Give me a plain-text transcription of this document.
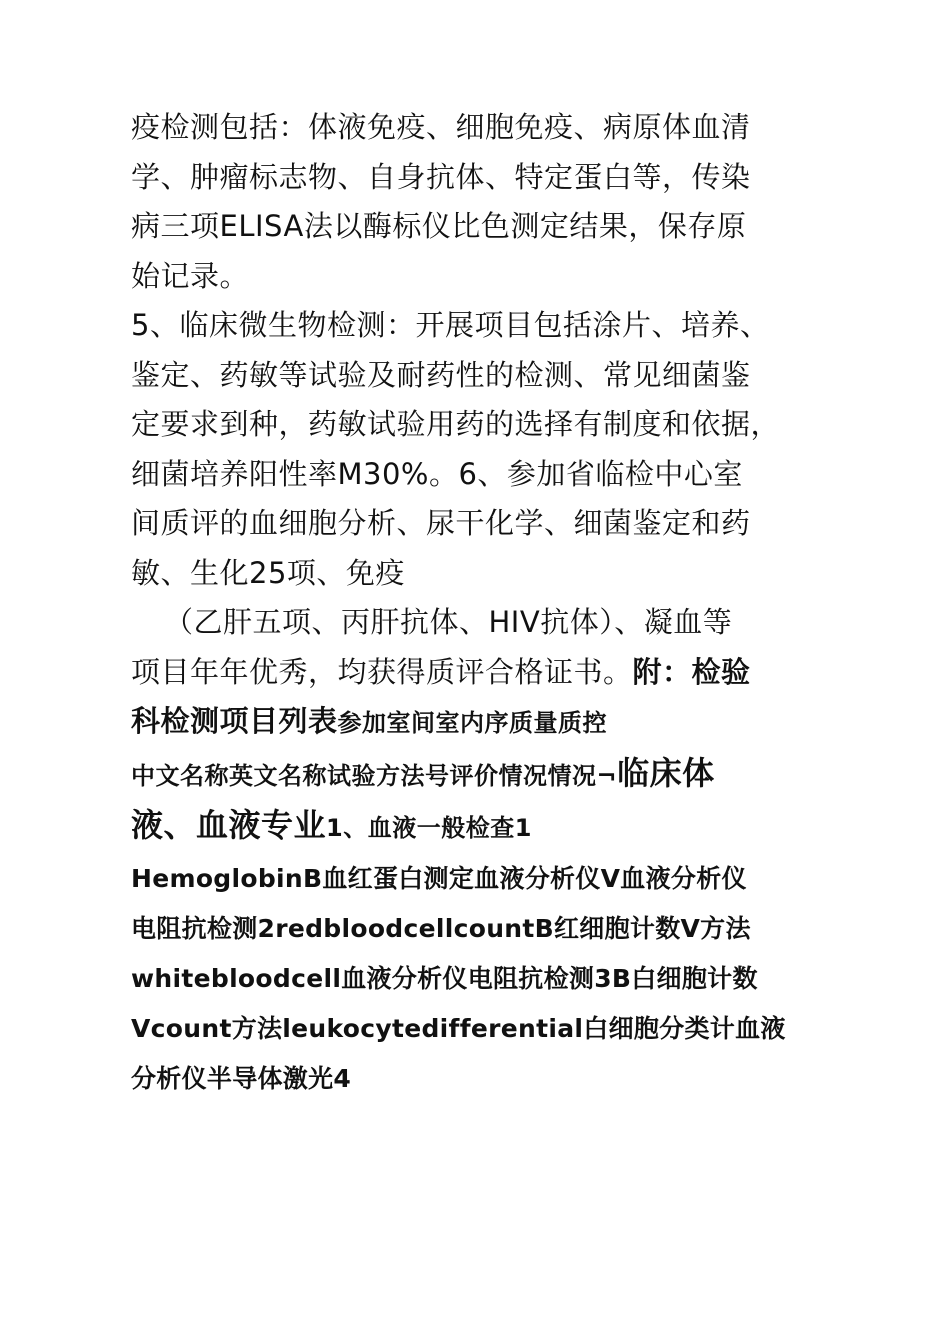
疫检测包括：体液免疫、细胞免疫、病原体血清
学、肿瘤标志物、自身抗体、特定蛋白等，传染
病三项ELISA法以酶标仪比色测定结果，保存原
始记录。
5、临床微生物检测：开展项目包括涂片、培养、
鉴定、药敏等试验及耐药性的检测、常见细菌鉴
定要求到种，药敏试验用药的选择有制度和依据，
细菌培养阳性率M30%。6、参加省临检中心室
间质评的血细胞分析、尿干化学、细菌鉴定和药
敏、生化25项、免疫
（乙肝五项、丙肝抗体、HIV抗体）、凝血等
项目年年优秀，均获得质评合格证书。附：检验
科检测项目列表参加室间室内序质量质控
中文名称英文名称试验方法号评价情况情况¬临床体
液、血液专业1、血液一般检查1
HemoglobinB血红蛋白测定血液分析仪V血液分析仪
电阻抗检测2redbloodcellcountB红细胞计数V方法
whitebloodcell血液分析仪电阻抗检测3B白细胞计数
Vcount方法leukocytedifferential白细胞分类计血液
分析仪半导体激光4
